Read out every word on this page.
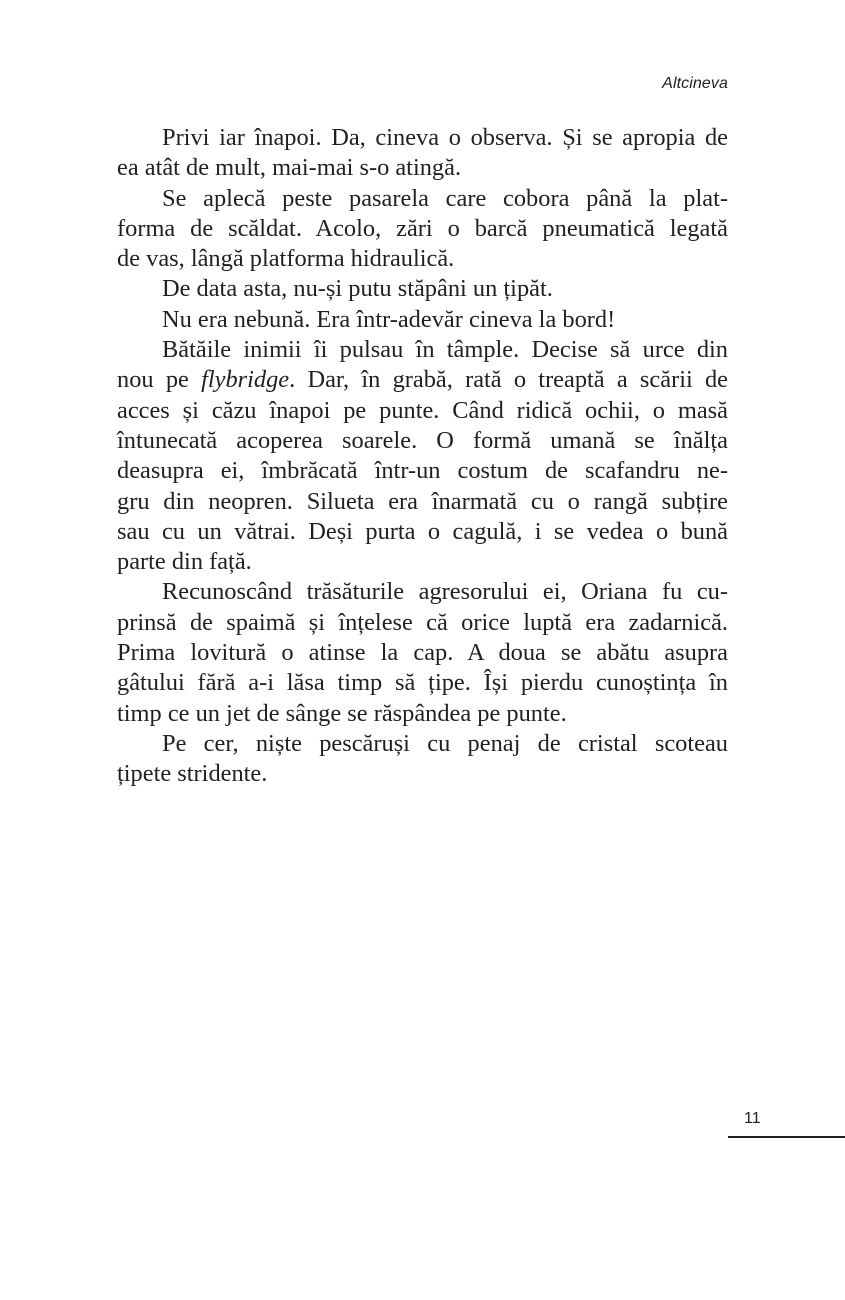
Altcineva

Privi iar înapoi. Da, cineva o observa. Și se apropia de
ea atât de mult, mai-mai s-o atingă.

Se aplecă peste pasarela care cobora până la plat-
forma de scăldat. Acolo, zări o barcă pneumatică legată
de vas, lângă platforma hidraulică.

De data asta, nu-și putu stăpâni un țipăt.

Nu era nebună. Era într-adevăr cineva la bord!

Bătăile inimii îi pulsau în tâmple. Decise să urce din
nou pe flybridge. Dar, în grabă, rată o treaptă a scării de
acces și căzu înapoi pe punte. Când ridică ochii, o masă
întunecată acoperea soarele. O formă umană se înălța
deasupra ei, îmbrăcată într-un costum de scafandru ne-
gru din neopren. Silueta era înarmată cu o rangă subțire
sau cu un vătrai. Deși purta o cagulă, i se vedea o bună
parte din față.

Recunoscând trăsăturile agresorului ei, Oriana fu cu-
prinsă de spaimă și înțelese că orice luptă era zadarnică.
Prima lovitură o atinse la cap. A doua se abătu asupra
gâtului fără a-i lăsa timp să țipe. Își pierdu cunoștința în
timp ce un jet de sânge se răspândea pe punte.

Pe cer, niște pescăruși cu penaj de cristal scoteau
țipete stridente.

11
